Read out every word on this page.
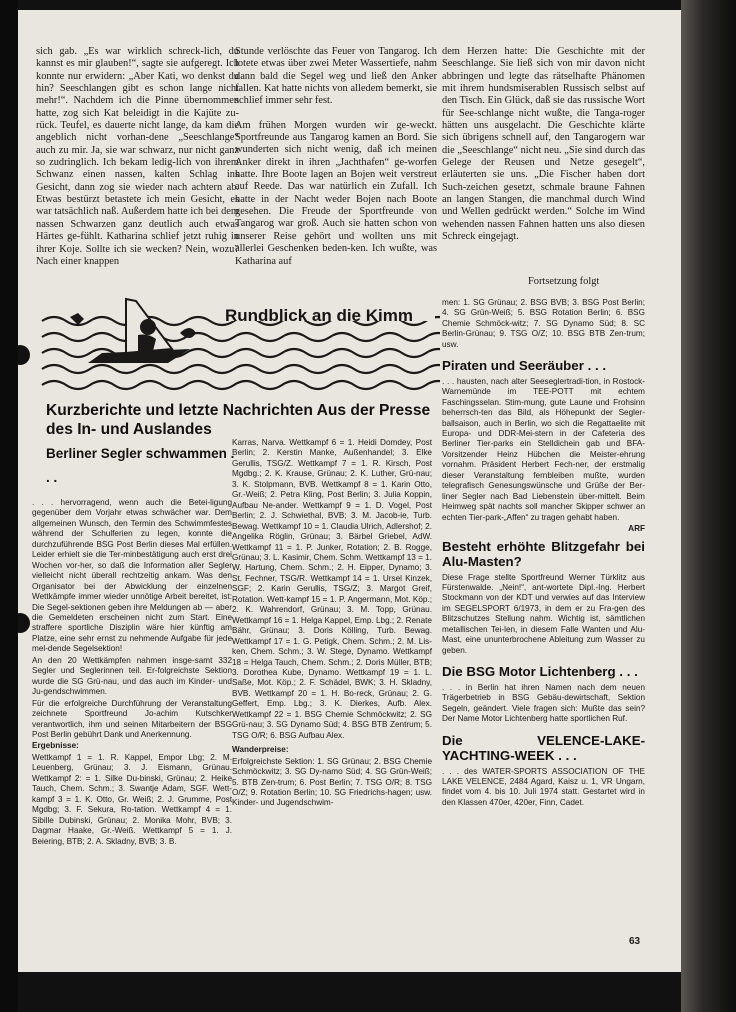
sich gab. „Es war wirklich schreck-lich, du kannst es mir glauben!“, sagte sie aufgeregt. Ich konnte nur erwidern: „Aber Kati, wo denkst du hin? Seeschlangen gibt es schon lange nicht mehr!“. Nachdem ich die Pinne übernommen hatte, zog sich Kat beleidigt in die Kajüte zu-rück. Teufel, es dauerte nicht lange, da kam die angeblich nicht vorhan-dene „Seeschlange“ auch zu mir. Ja, sie war schwarz, nur nicht ganz so zudringlich. Ich bekam ledig-lich von ihrem Schwanz einen nassen, kalten Schlag ins Gesicht, dann zog sie wieder nach achtern ab. Etwas bestürzt betastete ich mein Gesicht, es war tatsächlich naß. Außerdem hatte ich bei dem nassen Schwarzen ganz deutlich auch etwas Härtes ge-fühlt. Katharina schlief jetzt ruhig in ihrer Koje. Sollte ich sie wecken? Nein, wozu? Nach einer knappen

Stunde verlöschte das Feuer von Tangarog. Ich lotete etwas über zwei Meter Wassertiefe, nahm dann bald die Segel weg und ließ den Anker fallen. Kat hatte nichts von alledem bemerkt, sie schlief immer sehr fest.

Am frühen Morgen wurden wir ge-weckt. Sportfreunde aus Tangarog kamen an Bord. Sie wunderten sich nicht wenig, daß ich meinen Anker direkt in ihren „Jachthafen“ ge-worfen hatte. Ihre Boote lagen an Bojen weit verstreut auf Reede. Das war natürlich ein Zufall. Ich hatte in der Nacht weder Bojen nach Boote gesehen. Die Freude der Sportfreunde von Tangarog war groß. Auch sie hatten schon von unserer Reise gehört und wollten uns mit allerlei Geschenken beden-ken. Ich wußte, was Katharina auf

dem Herzen hatte: Die Geschichte mit der Seeschlange. Sie ließ sich von mir davon nicht abbringen und legte das rätselhafte Phänomen mit ihrem hundsmiserablen Russisch selbst auf den Tisch. Ein Glück, daß sie das russische Wort für See-schlange nicht wußte, die Tanga-roger hätten uns ausgelacht. Die Geschichte klärte sich übrigens schnell auf, den Tangarogern war die „Seeschlange“ nicht neu. „Sie sind durch das Gelege der Reusen und Netze gesegelt“, erläuterten sie uns. „Die Fischer haben dort Such-zeichen gesetzt, schmale braune Fahnen an langen Stangen, die manchmal durch Wind und Wellen gedrückt werden.“ Solche im Wind wehenden nassen Fahnen hatten uns also diesen Schreck eingejagt.

Fortsetzung folgt
Rundblick an die Kimm
Kurzberichte und letzte Nachrichten Aus der Presse des In- und Auslandes
Berliner Segler schwammen . . .

. . . hervorragend, wenn auch die Betei-ligung gegenüber dem Vorjahr etwas schwächer war. Dem allgemeinen Wunsch, den Termin des Schwimmfestes während der Schulferien zu legen, konnte die durchzuführende BSG Post Berlin dieses Mal erfüllen. Leider erhielt sie die Ter-minbestätigung auch erst drei Wochen vor-her, so daß die Information aller Segler vielleicht nicht überall rechtzeitig ankam. Was den Organisator bei der Abwicklung der einzelnen Wettkämpfe immer wieder unnötige Arbeit bereitet, ist: Die Segel-sektionen geben ihre Meldungen ab — aber die Gemeldeten erscheinen nicht zum Start. Eine straffere sportliche Disziplin wäre hier künftig am Platze, eine sehr ernst zu nehmende Aufgabe für jede mel-dende Segelsektion!

An den 20 Wettkämpfen nahmen insge-samt 332 Segler und Seglerinnen teil. Er-folgreichste Sektion wurde die SG Grü-nau, und das auch im Kinder- und Ju-gendschwimmen.

Für die erfolgreiche Durchführung der Veranstaltung zeichnete Sportfreund Jo-achim Kutschker verantwortlich, ihm und seinen Mitarbeitern der BSG Post Berlin gebührt Dank und Anerkennung.

Ergebnisse:

Wettkampf 1 = 1. R. Kappel, Empor Lbg; 2. M. Leuenberg, Grünau; 3. J. Eismann, Grünau. Wettkampf 2: = 1. Silke Du-binski, Grünau; 2. Heike Tauch, Chem. Schm.; 3. Swantje Adam, SGF. Wett-kampf 3 = 1. K. Otto, Gr. Weiß; 2. J. Grumme, Post Mgdbg; 3. F. Sekura, Ro-tation. Wettkampf 4 = 1. Sibille Dubinski, Grünau; 2. Monika Mohr, BVB; 3. Dagmar Haake, Gr.-Weiß. Wettkampf 5 = 1. J. Beiering, BTB; 2. A. Skladny, BVB; 3. B.

Karras, Narva. Wettkampf 6 = 1. Heidi Domdey, Post Berlin; 2. Kerstin Manke, Außenhandel; 3. Elke Gerullis, TSG/Z. Wettkampf 7 = 1. R. Kirsch, Post Mgdbg.; 2. K. Krause, Grünau; 2. K. Luther, Grü-nau; 3. K. Stolpmann, BVB. Wettkampf 8 = 1. Karin Otto, Gr.-Weiß; 2. Petra Kling, Post Berlin; 3. Julia Koppin, Aufbau Ne-ander. Wettkampf 9 = 1. D. Vogel, Post Berlin; 2. J. Schwiethal, BVB; 3. M. Jacob-ie, Turb. Bewag. Wettkampf 10 = 1. Claudia Ulrich, Adlershof; 2. Angelika Röglin, Grünau; 3. Bärbel Griebel, AdW. Wettkampf 11 = 1. P. Junker, Rotation; 2. B. Rogge, Grünau; 3. L. Kasimir, Chem. Schm. Wettkampf 13 = 1. W. Hartung, Chem. Schm.; 2. H. Eipper, Dynamo; 3. St. Fechner, TSG/R. Wettkampf 14 = 1. Ursel Kinzek, SGF; 2. Karin Gerullis, TSG/Z; 3. Margot Greif, Rotation. Wett-kampf 15 = 1. P. Angermann, Mot. Köp.; 2. K. Wahrendorf, Grünau; 3. M. Topp, Grünau. Wettkampf 16 = 1. Helga Kappel, Emp. Lbg.; 2. Renate Bähr, Grünau; 3. Doris Kölling, Turb. Bewag. Wettkampf 17 = 1. G. Petigk, Chem. Schm.; 2. M. Lis-ken, Chem. Schm.; 3. W. Stege, Dynamo. Wettkampf 18 = Helga Tauch, Chem. Schm.; 2. Doris Müller, BTB; 3. Dorothea Kube, Dynamo. Wettkampf 19 = 1. L. Saße, Mot. Köp.; 2. F. Schädel, BWK; 3. H. Skladny, BVB. Wettkampf 20 = 1. H. Bo-reck, Grünau; 2. G. Geffert, Emp. Lbg.; 3. K. Dierkes, Aufb. Alex. Wettkampf 22 = 1. BSG Chemie Schmöckwitz; 2. SG Grü-nau; 3. SG Dynamo Süd; 4. BSG BTB Zentrum; 5. TSG O/R; 6. BSG Aufbau Alex.

Wanderpreise:

Erfolgreichste Sektion: 1. SG Grünau; 2. BSG Chemie Schmöckwitz; 3. SG Dy-namo Süd; 4. SG Grün-Weiß; 5. BTB Zen-trum; 6. Post Berlin; 7. TSG O/R; 8. TSG O/Z; 9. Rotation Berlin; 10. SG Friedrichs-hagen; usw. Kinder- und Jugendschwim-

men: 1. SG Grünau; 2. BSG BVB; 3. BSG Post Berlin; 4. SG Grün-Weiß; 5. BSG Rotation Berlin; 6. BSG Chemie Schmöck-witz; 7. SG Dynamo Süd; 8. SC Berlin-Grünau; 9. TSG O/Z; 10. BSG BTB Zen-trum; usw.

Piraten und Seeräuber . . .

. . . hausten, nach alter Seeseglertradi-tion, in Rostock-Warnemünde im TEE-POTT mit echtem Faschingsselan. Stim-mung, gute Laune und Frohsinn beherrsch-ten das Bild, als Höhepunkt der Segler-ballsaison, auch in Berlin, wo sich die Regattaelite mit Europa- und DDR-Mei-stern in der Cafeteria des Berliner Tier-parks ein Stelldichein gab und BFA-Vorsitzender Heinz Hübchen die Meister-ehrung vornahm. Präsident Herbert Fech-ner, der erstmalig dieser Veranstaltung fernbleiben mußte, wurden telegrafisch Genesungswünsche und Grüße der Ber-liner Segler nach Bad Liebenstein über-mittelt. Beim Heimweg spät nachts soll mancher Skipper schwer an echten Tier-park-„Affen“ zu tragen gehabt haben.

ARF

Besteht erhöhte Blitzgefahr bei Alu-Masten?

Diese Frage stellte Sportfreund Werner Türklitz aus Fürstenwalde. „Nein!“, ant-wortete Dipl.-Ing. Herbert Stockmann von der KDT und verwies auf das Interview im SEGELSPORT 6/1973, in dem er zu Fra-gen des Blitzschutzes Stellung nahm. Wichtig ist, sämtlichen metallischen Tei-len, in diesem Falle Wanten und Alu-Mast, eine ununterbrochene Ableitung zum Wasser zu geben.

Die BSG Motor Lichtenberg . . .

. . . in Berlin hat ihren Namen nach dem neuen Trägerbetrieb in BSG Gebäu-dewirtschaft, Sektion Segeln, geändert. Viele fragen sich: Mußte das sein? Der Name Motor Lichtenberg hatte sportlichen Ruf.

Die VELENCE-LAKE-YACHTING-WEEK . . .

. . . des WATER-SPORTS ASSOCIATION OF THE LAKE VELENCE, 2484 Agard, Kaisz u. 1, VR Ungarn, findet vom 4. bis 10. Juli 1974 statt. Gestartet wird in den Klassen 470er, 420er, Finn, Cadet.

63
